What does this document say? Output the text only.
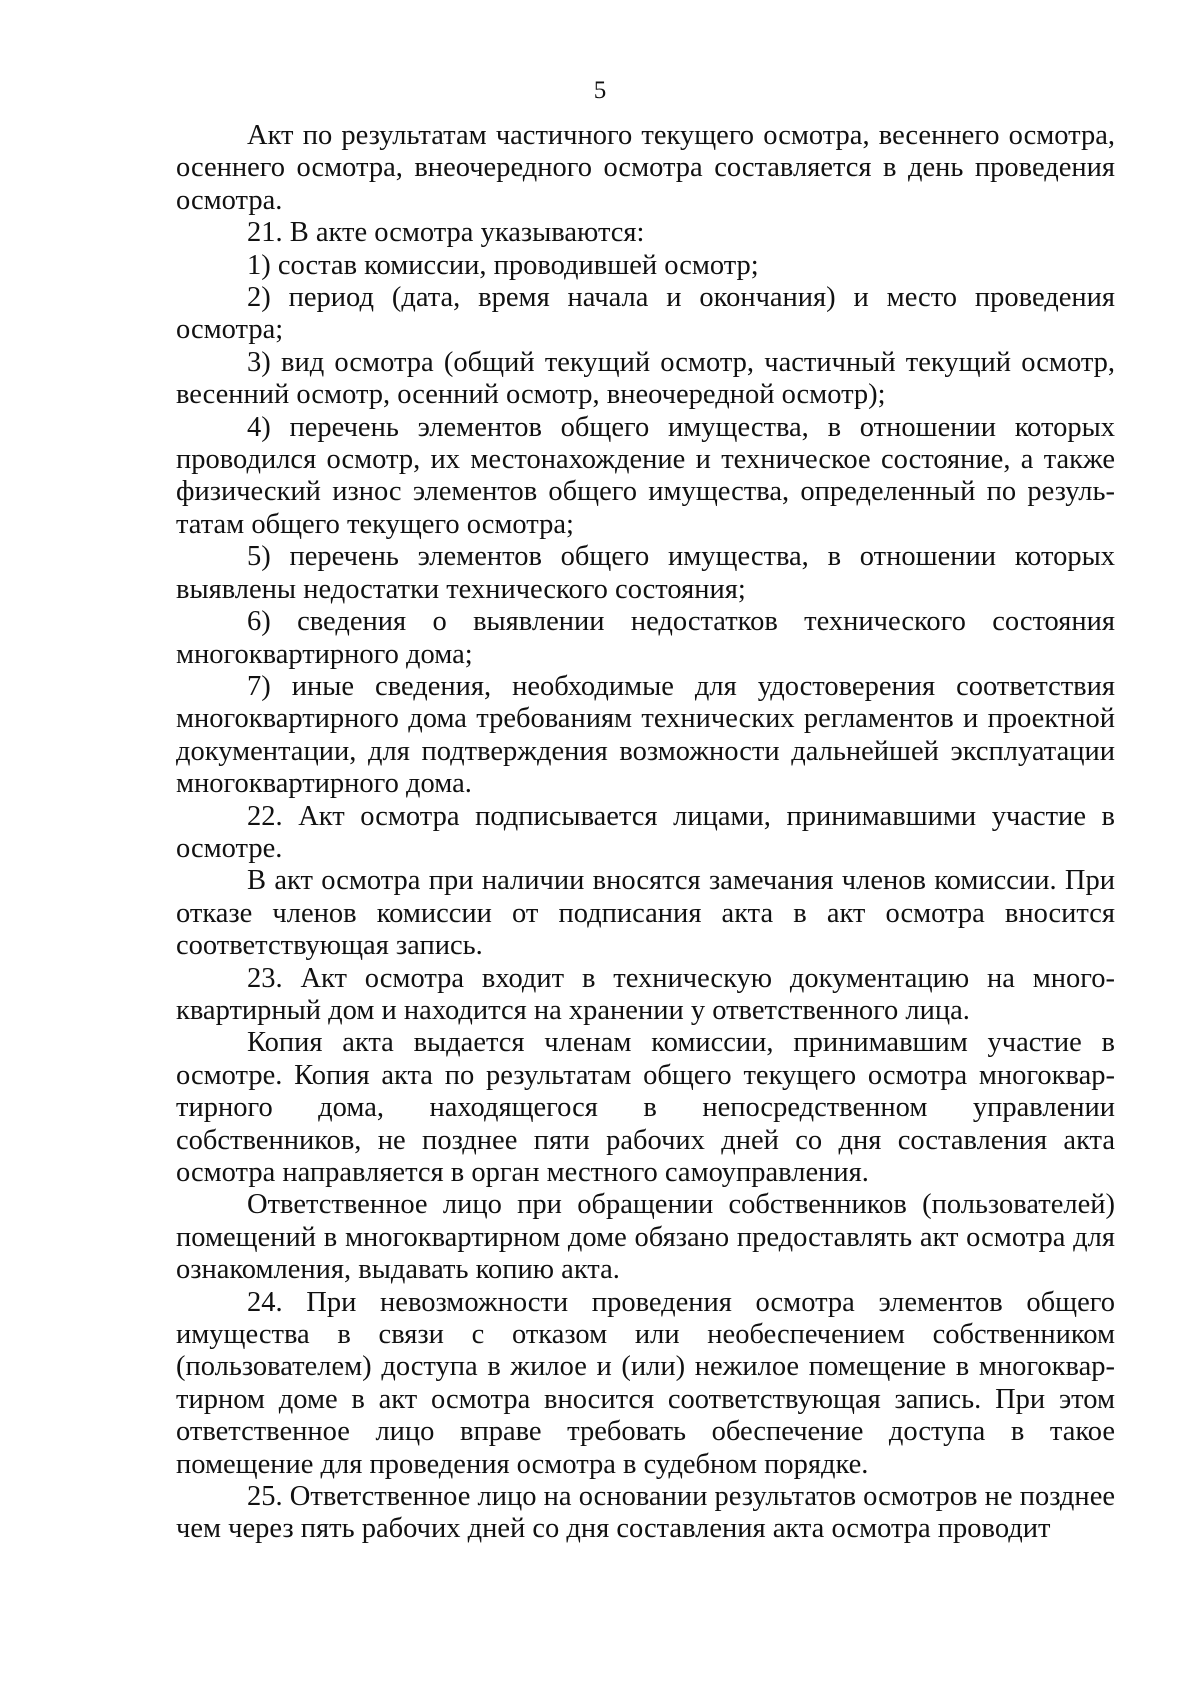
5

Акт по результатам частичного текущего осмотра, весеннего осмотра, осеннего осмотра, внеочередного осмотра составляется в день проведения осмотра.

21. В акте осмотра указываются:

1) состав комиссии, проводившей осмотр;

2) период (дата, время начала и окончания) и место проведения осмотра;

3) вид осмотра (общий текущий осмотр, частичный текущий осмотр, весенний осмотр, осенний осмотр, внеочередной осмотр);

4) перечень элементов общего имущества, в отношении которых проводился осмотр, их местонахождение и техническое состояние, а также физический износ элементов общего имущества, определенный по результатам общего текущего осмотра;

5) перечень элементов общего имущества, в отношении которых выявлены недостатки технического состояния;

6) сведения о выявлении недостатков технического состояния многоквартирного дома;

7) иные сведения, необходимые для удостоверения соответствия многоквартирного дома требованиям технических регламентов и проектной документации, для подтверждения возможности дальнейшей эксплуатации многоквартирного дома.

22. Акт осмотра подписывается лицами, принимавшими участие в осмотре.

В акт осмотра при наличии вносятся замечания членов комиссии. При отказе членов комиссии от подписания акта в акт осмотра вносится соответствующая запись.

23. Акт осмотра входит в техническую документацию на многоквартирный дом и находится на хранении у ответственного лица.

Копия акта выдается членам комиссии, принимавшим участие в осмотре. Копия акта по результатам общего текущего осмотра многоквартирного дома, находящегося в непосредственном управлении собственников, не позднее пяти рабочих дней со дня составления акта осмотра направляется в орган местного самоуправления.

Ответственное лицо при обращении собственников (пользователей) помещений в многоквартирном доме обязано предоставлять акт осмотра для ознакомления, выдавать копию акта.

24. При невозможности проведения осмотра элементов общего имущества в связи с отказом или необеспечением собственником (пользователем) доступа в жилое и (или) нежилое помещение в многоквартирном доме в акт осмотра вносится соответствующая запись. При этом ответственное лицо вправе требовать обеспечение доступа в такое помещение для проведения осмотра в судебном порядке.

25. Ответственное лицо на основании результатов осмотров не позднее чем через пять рабочих дней со дня составления акта осмотра проводит
